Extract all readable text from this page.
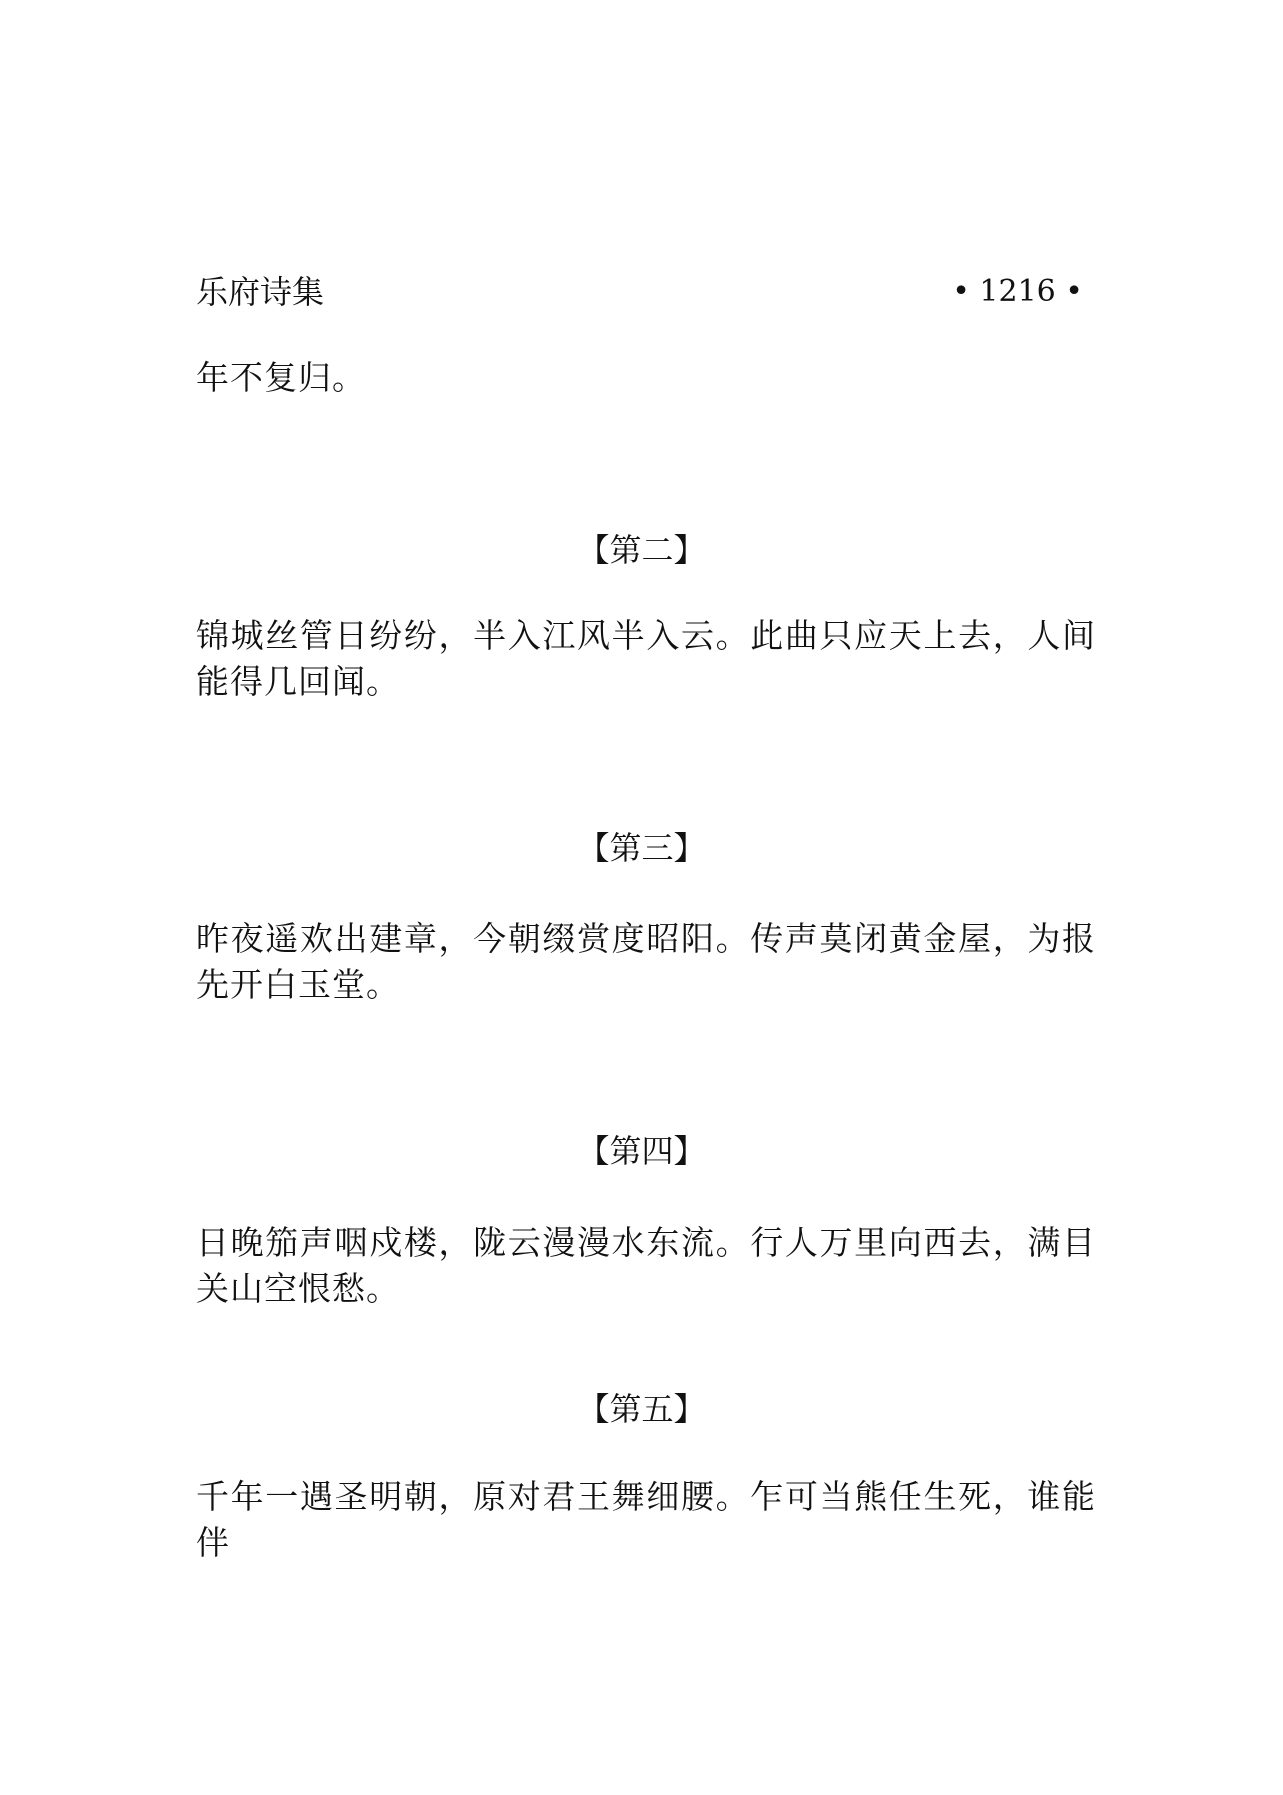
乐府诗集	• 1216 •
年不复归。
【第二】
锦城丝管日纷纷，半入江风半入云。此曲只应天上去，人间能得几回闻。
【第三】
昨夜遥欢出建章，今朝缀赏度昭阳。传声莫闭黄金屋，为报先开白玉堂。
【第四】
日晚笳声咽戍楼，陇云漫漫水东流。行人万里向西去，满目关山空恨愁。
【第五】
千年一遇圣明朝，原对君王舞细腰。乍可当熊任生死，谁能伴
